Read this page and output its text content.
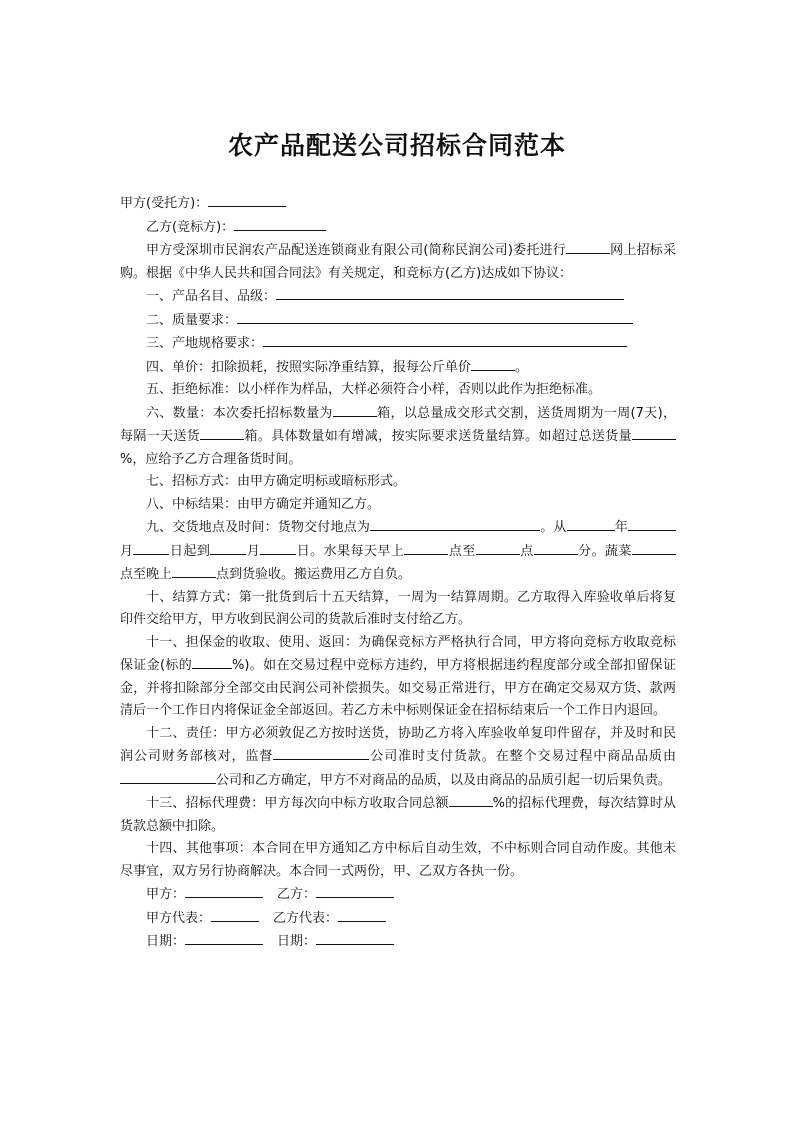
农产品配送公司招标合同范本

甲方(受托方)：

乙方(竞标方)：

甲方受深圳市民润农产品配送连锁商业有限公司(简称民润公司)委托进行	网上招标采购。根据《中华人民共和国合同法》有关规定，和竞标方(乙方)达成如下协议：

一、产品名目、品级：

二、质量要求：

三、产地规格要求：

四、单价：扣除损耗，按照实际净重结算，报每公斤单价	。

五、拒绝标准：以小样作为样品，大样必须符合小样，否则以此作为拒绝标准。

六、数量：本次委托招标数量为	箱，以总量成交形式交割，送货周期为一周(7天)，每隔一天送货	箱。具体数量如有增减，按实际要求送货量结算。如超过总送货量%，应给予乙方合理备货时间。

七、招标方式：由甲方确定明标或暗标形式。

八、中标结果：由甲方确定并通知乙方。

九、交货地点及时间：货物交付地点为	。从	年月	日起到	月	日。水果每天早上	点至	点	分。蔬菜点至晚上	点到货验收。搬运费用乙方自负。

十、结算方式：第一批货到后十五天结算，一周为一结算周期。乙方取得入库验收单后将复印件交给甲方，甲方收到民润公司的货款后准时支付给乙方。

十一、担保金的收取、使用、返回：为确保竞标方严格执行合同，甲方将向竞标方收取竞标保证金(标的	%)。如在交易过程中竞标方违约，甲方将根据违约程度部分或全部扣留保证金，并将扣除部分全部交由民润公司补偿损失。如交易正常进行，甲方在确定交易双方货、款两清后一个工作日内将保证金全部返回。若乙方未中标则保证金在招标结束后一个工作日内退回。

十二、责任：甲方必须敦促乙方按时送货，协助乙方将入库验收单复印件留存，并及时和民润公司财务部核对，监督	公司准时支付货款。在整个交易过程中商品品质由公司和乙方确定，甲方不对商品的品质，以及由商品的品质引起一切后果负责。

十三、招标代理费：甲方每次向中标方收取合同总额	%的招标代理费，每次结算时从货款总额中扣除。

十四、其他事项：本合同在甲方通知乙方中标后自动生效，不中标则合同自动作废。其他未尽事宜，双方另行协商解决。本合同一式两份，甲、乙双方各执一份。

甲方：	乙方：

甲方代表：	乙方代表：

日期：	日期：
